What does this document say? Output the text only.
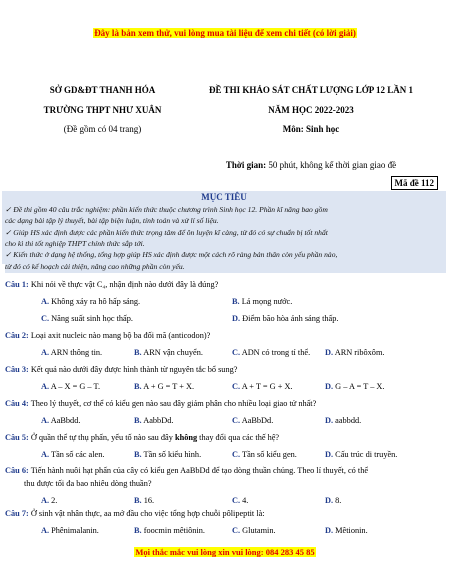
Đây là bản xem thử, vui lòng mua tài liệu để xem chi tiết (có lời giải)
SỞ GD&ĐT THANH HÓA
TRƯỜNG THPT NHƯ XUÂN
(Đề gồm có 04 trang)
ĐỀ THI KHẢO SÁT CHẤT LƯỢNG LỚP 12 LẦN 1
NĂM HỌC 2022-2023
Môn: Sinh học
Thời gian: 50 phút, không kể thời gian giao đề
Mã đề 112
MỤC TIÊU
✓ Đề thi gồm 40 câu trắc nghiệm: phần kiến thức thuộc chương trình Sinh học 12. Phần kĩ năng bao gồm
các dạng bài tập lý thuyết, bài tập biện luận, tính toán và xử lí số liệu.
✓ Giúp HS xác định được các phần kiến thức trọng tâm để ôn luyện kĩ càng, từ đó có sự chuẩn bị tốt nhất
cho kì thi tốt nghiệp THPT chính thức sắp tới.
✓ Kiến thức ở dạng hệ thống, tổng hợp giúp HS xác định được một cách rõ ràng bản thân còn yếu phần nào,
từ đó có kế hoạch cải thiện, nâng cao những phần còn yếu.
Câu 1: Khi nói về thực vật C₄, nhận định nào dưới đây là đúng?
A. Không xảy ra hô hấp sáng.	B. Lá mọng nước.
C. Năng suất sinh học thấp.	D. Điểm bão hòa ánh sáng thấp.
Câu 2: Loại axit nucleic nào mang bộ ba đối mã (anticodon)?
A. ARN thông tin.	B. ARN vận chuyển.	C. ADN có trong tỉ thể. D. ARN ribôxôm.
Câu 3: Kết quả nào dưới đây được hình thành từ nguyên tắc bổ sung?
A. A – X = G – T.	B. A + G = T + X.	C. A + T = G + X.	D. G – A = T – X.
Câu 4: Theo lý thuyết, cơ thể có kiểu gen nào sau đây giảm phân cho nhiều loại giao tử nhất?
A. AaBbdd.	B. AabbDd.	C. AaBbDd.	D. aabbdd.
Câu 5: Ở quần thể tự thụ phấn, yếu tố nào sau đây không thay đổi qua các thế hệ?
A. Tần số các alen.	B. Tần số kiểu hình.	C. Tần số kiểu gen.	D. Cấu trúc di truyền.
Câu 6: Tiến hành nuôi hạt phấn của cây có kiểu gen AaBbDd để tạo dòng thuần chủng. Theo lí thuyết, có thể
thu được tối đa bao nhiêu dòng thuần?
A. 2.	B. 16.	C. 4.	D. 8.
Câu 7: Ở sinh vật nhân thực, aa mở đầu cho việc tổng hợp chuỗi pôlipeptit là:
A. Phênimalanin.	B. foocmin mêtiônin.	C. Glutamin.	D. Mêtionin.
Mọi thắc mắc vui lòng xin vui lòng: 084 283 45 85
